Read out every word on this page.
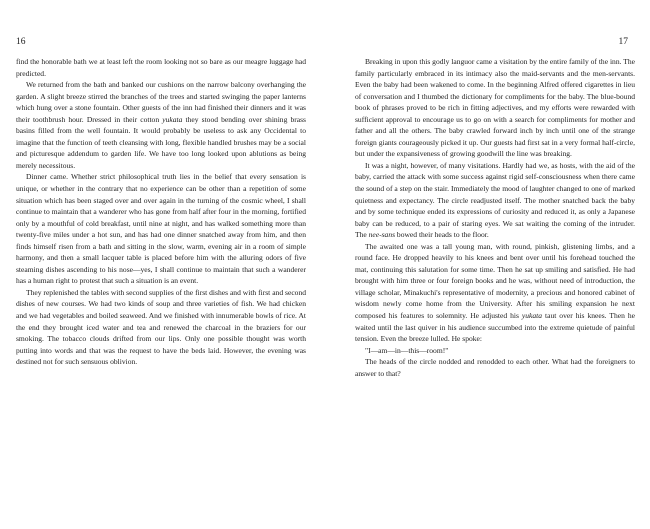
16

find the honorable bath we at least left the room looking not so bare as our meagre luggage had predicted.

We returned from the bath and banked our cushions on the narrow balcony overhanging the garden. A slight breeze stirred the branches of the trees and started swinging the paper lanterns which hung over a stone fountain. Other guests of the inn had finished their dinners and it was their toothbrush hour. Dressed in their cotton yukata they stood bending over shining brass basins filled from the well fountain. It would probably be useless to ask any Occidental to imagine that the function of teeth cleansing with long, flexible handled brushes may be a social and picturesque addendum to garden life. We have too long looked upon ablutions as being merely necessitous.

Dinner came. Whether strict philosophical truth lies in the belief that every sensation is unique, or whether in the contrary that no experience can be other than a repetition of some situation which has been staged over and over again in the turning of the cosmic wheel, I shall continue to maintain that a wanderer who has gone from half after four in the morning, fortified only by a mouthful of cold breakfast, until nine at night, and has walked something more than twenty-five miles under a hot sun, and has had one dinner snatched away from him, and then finds himself risen from a bath and sitting in the slow, warm, evening air in a room of simple harmony, and then a small lacquer table is placed before him with the alluring odors of five steaming dishes ascending to his nose—yes, I shall continue to maintain that such a wanderer has a human right to protest that such a situation is an event.

They replenished the tables with second supplies of the first dishes and with first and second dishes of new courses. We had two kinds of soup and three varieties of fish. We had chicken and we had vegetables and boiled seaweed. And we finished with innumerable bowls of rice. At the end they brought iced water and tea and renewed the charcoal in the braziers for our smoking. The tobacco clouds drifted from our lips. Only one possible thought was worth putting into words and that was the request to have the beds laid. However, the evening was destined not for such sensuous oblivion.

17

Breaking in upon this godly languor came a visitation by the entire family of the inn. The family particularly embraced in its intimacy also the maid-servants and the men-servants. Even the baby had been wakened to come. In the beginning Alfred offered cigarettes in lieu of conversation and I thumbed the dictionary for compliments for the baby. The blue-bound book of phrases proved to be rich in fitting adjectives, and my efforts were rewarded with sufficient approval to encourage us to go on with a search for compliments for mother and father and all the others. The baby crawled forward inch by inch until one of the strange foreign giants courageously picked it up. Our guests had first sat in a very formal half-circle, but under the expansiveness of growing goodwill the line was breaking.

It was a night, however, of many visitations. Hardly had we, as hosts, with the aid of the baby, carried the attack with some success against rigid self-consciousness when there came the sound of a step on the stair. Immediately the mood of laughter changed to one of marked quietness and expectancy. The circle readjusted itself. The mother snatched back the baby and by some technique ended its expressions of curiosity and reduced it, as only a Japanese baby can be reduced, to a pair of staring eyes. We sat waiting the coming of the intruder. The nee-sans bowed their heads to the floor.

The awaited one was a tall young man, with round, pinkish, glistening limbs, and a round face. He dropped heavily to his knees and bent over until his forehead touched the mat, continuing this salutation for some time. Then he sat up smiling and satisfied. He had brought with him three or four foreign books and he was, without need of introduction, the village scholar, Minakuchi's representative of modernity, a precious and honored cabinet of wisdom newly come home from the University. After his smiling expansion he next composed his features to solemnity. He adjusted his yukata taut over his knees. Then he waited until the last quiver in his audience succumbed into the extreme quietude of painful tension. Even the breeze lulled. He spoke:

"I—am—in—this—room!"

The heads of the circle nodded and renodded to each other. What had the foreigners to answer to that?
